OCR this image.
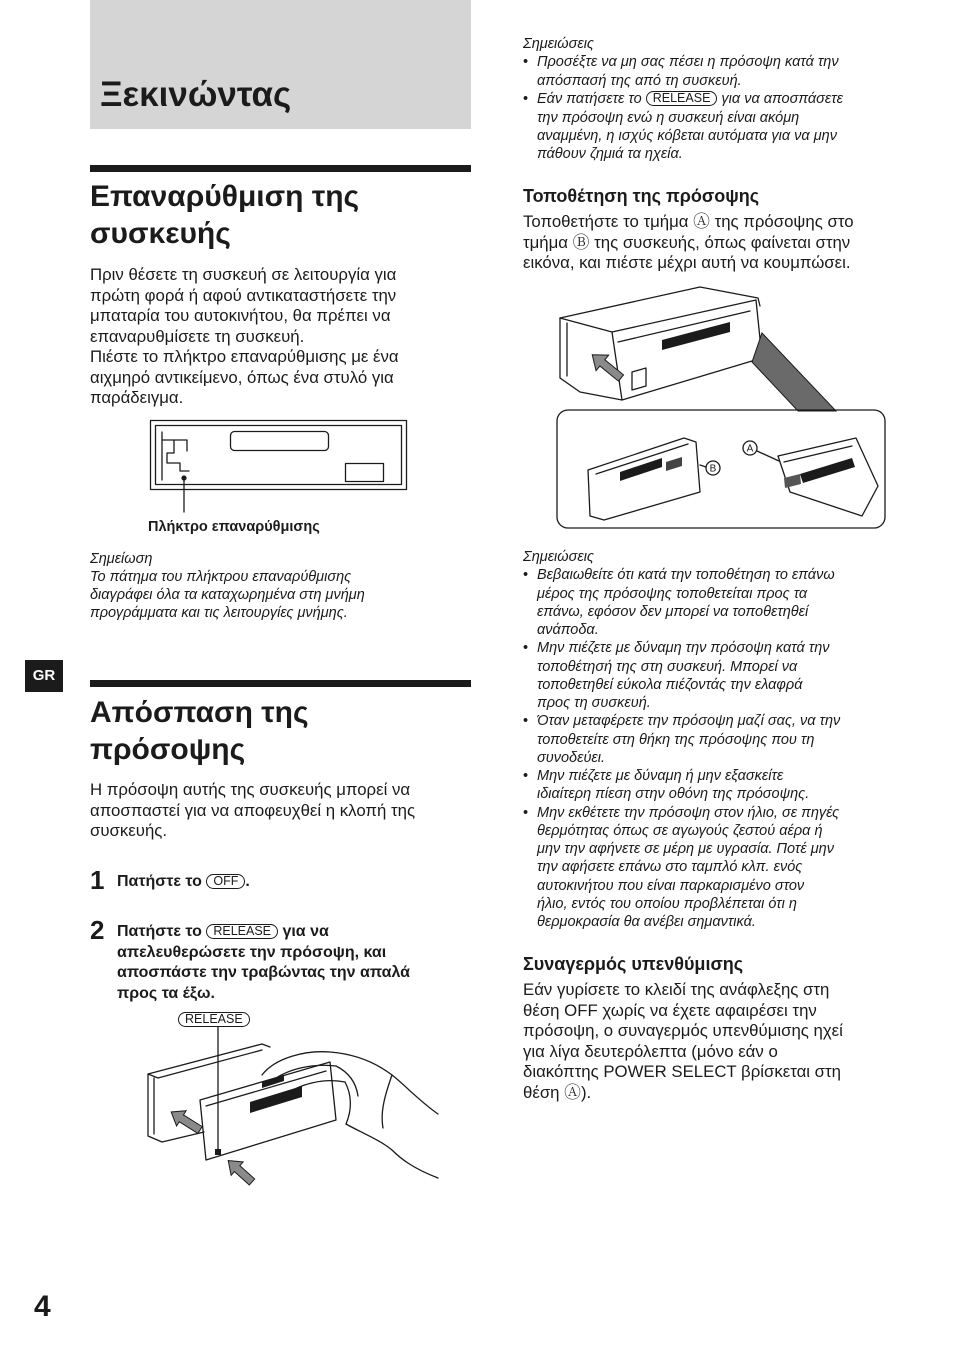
Ξεκινώντας
Επαναρύθμιση της
συσκευής
Πριν θέσετε τη συσκευή σε λειτουργία για
πρώτη φορά ή αφού αντικαταστήσετε την
μπαταρία του αυτοκινήτου, θα πρέπει να
επαναρυθμίσετε τη συσκευή.
Πιέστε το πλήκτρο επαναρύθμισης με ένα
αιχμηρό αντικείμενο, όπως ένα στυλό για
παράδειγμα.
Πλήκτρο επαναρύθμισης
Σημείωση
Το πάτημα του πλήκτρου επαναρύθμισης
διαγράφει όλα τα καταχωρημένα στη μνήμη
προγράμματα και τις λειτουργίες μνήμης.
GR
Απόσπαση της
πρόσοψης
Η πρόσοψη αυτής της συσκευής μπορεί να
αποσπαστεί για να αποφευχθεί η κλοπή της
συσκευής.
1 Πατήστε το OFF .
2 Πατήστε το RELEASE για να
απελευθερώσετε την πρόσοψη, και
αποσπάστε την τραβώντας την απαλά
προς τα έξω.
RELEASE
4
Σημειώσεις
• Προσέξτε να μη σας πέσει η πρόσοψη κατά την
απόσπασή της από τη συσκευή.
• Εάν πατήσετε το RELEASE για να αποσπάσετε
την πρόσοψη ενώ η συσκευή είναι ακόμη
αναμμένη, η ισχύς κόβεται αυτόματα για να μην
πάθουν ζημιά τα ηχεία.
Τοποθέτηση της πρόσοψης
Τοποθετήστε το τμήμα Ⓐ της πρόσοψης στο
τμήμα Ⓑ της συσκευής, όπως φαίνεται στην
εικόνα, και πιέστε μέχρι αυτή να κουμπώσει.
B
A
Σημειώσεις
• Βεβαιωθείτε ότι κατά την τοποθέτηση το επάνω
μέρος της πρόσοψης τοποθετείται προς τα
επάνω, εφόσον δεν μπορεί να τοποθετηθεί
ανάποδα.
• Μην πιέζετε με δύναμη την πρόσοψη κατά την
τοποθέτησή της στη συσκευή. Μπορεί να
τοποθετηθεί εύκολα πιέζοντάς την ελαφρά
προς τη συσκευή.
• Όταν μεταφέρετε την πρόσοψη μαζί σας, να την
τοποθετείτε στη θήκη της πρόσοψης που τη
συνοδεύει.
• Μην πιέζετε με δύναμη ή μην εξασκείτε
ιδιαίτερη πίεση στην οθόνη της πρόσοψης.
• Μην εκθέτετε την πρόσοψη στον ήλιο, σε πηγές
θερμότητας όπως σε αγωγούς ζεστού αέρα ή
μην την αφήνετε σε μέρη με υγρασία. Ποτέ μην
την αφήσετε επάνω στο ταμπλό κλπ. ενός
αυτοκινήτου που είναι παρκαρισμένο στον
ήλιο, εντός του οποίου προβλέπεται ότι η
θερμοκρασία θα ανέβει σημαντικά.
Συναγερμός υπενθύμισης
Εάν γυρίσετε το κλειδί της ανάφλεξης στη
θέση OFF χωρίς να έχετε αφαιρέσει την
πρόσοψη, ο συναγερμός υπενθύμισης ηχεί
για λίγα δευτερόλεπτα (μόνο εάν ο
διακόπτης POWER SELECT βρίσκεται στη
θέση Ⓐ).
